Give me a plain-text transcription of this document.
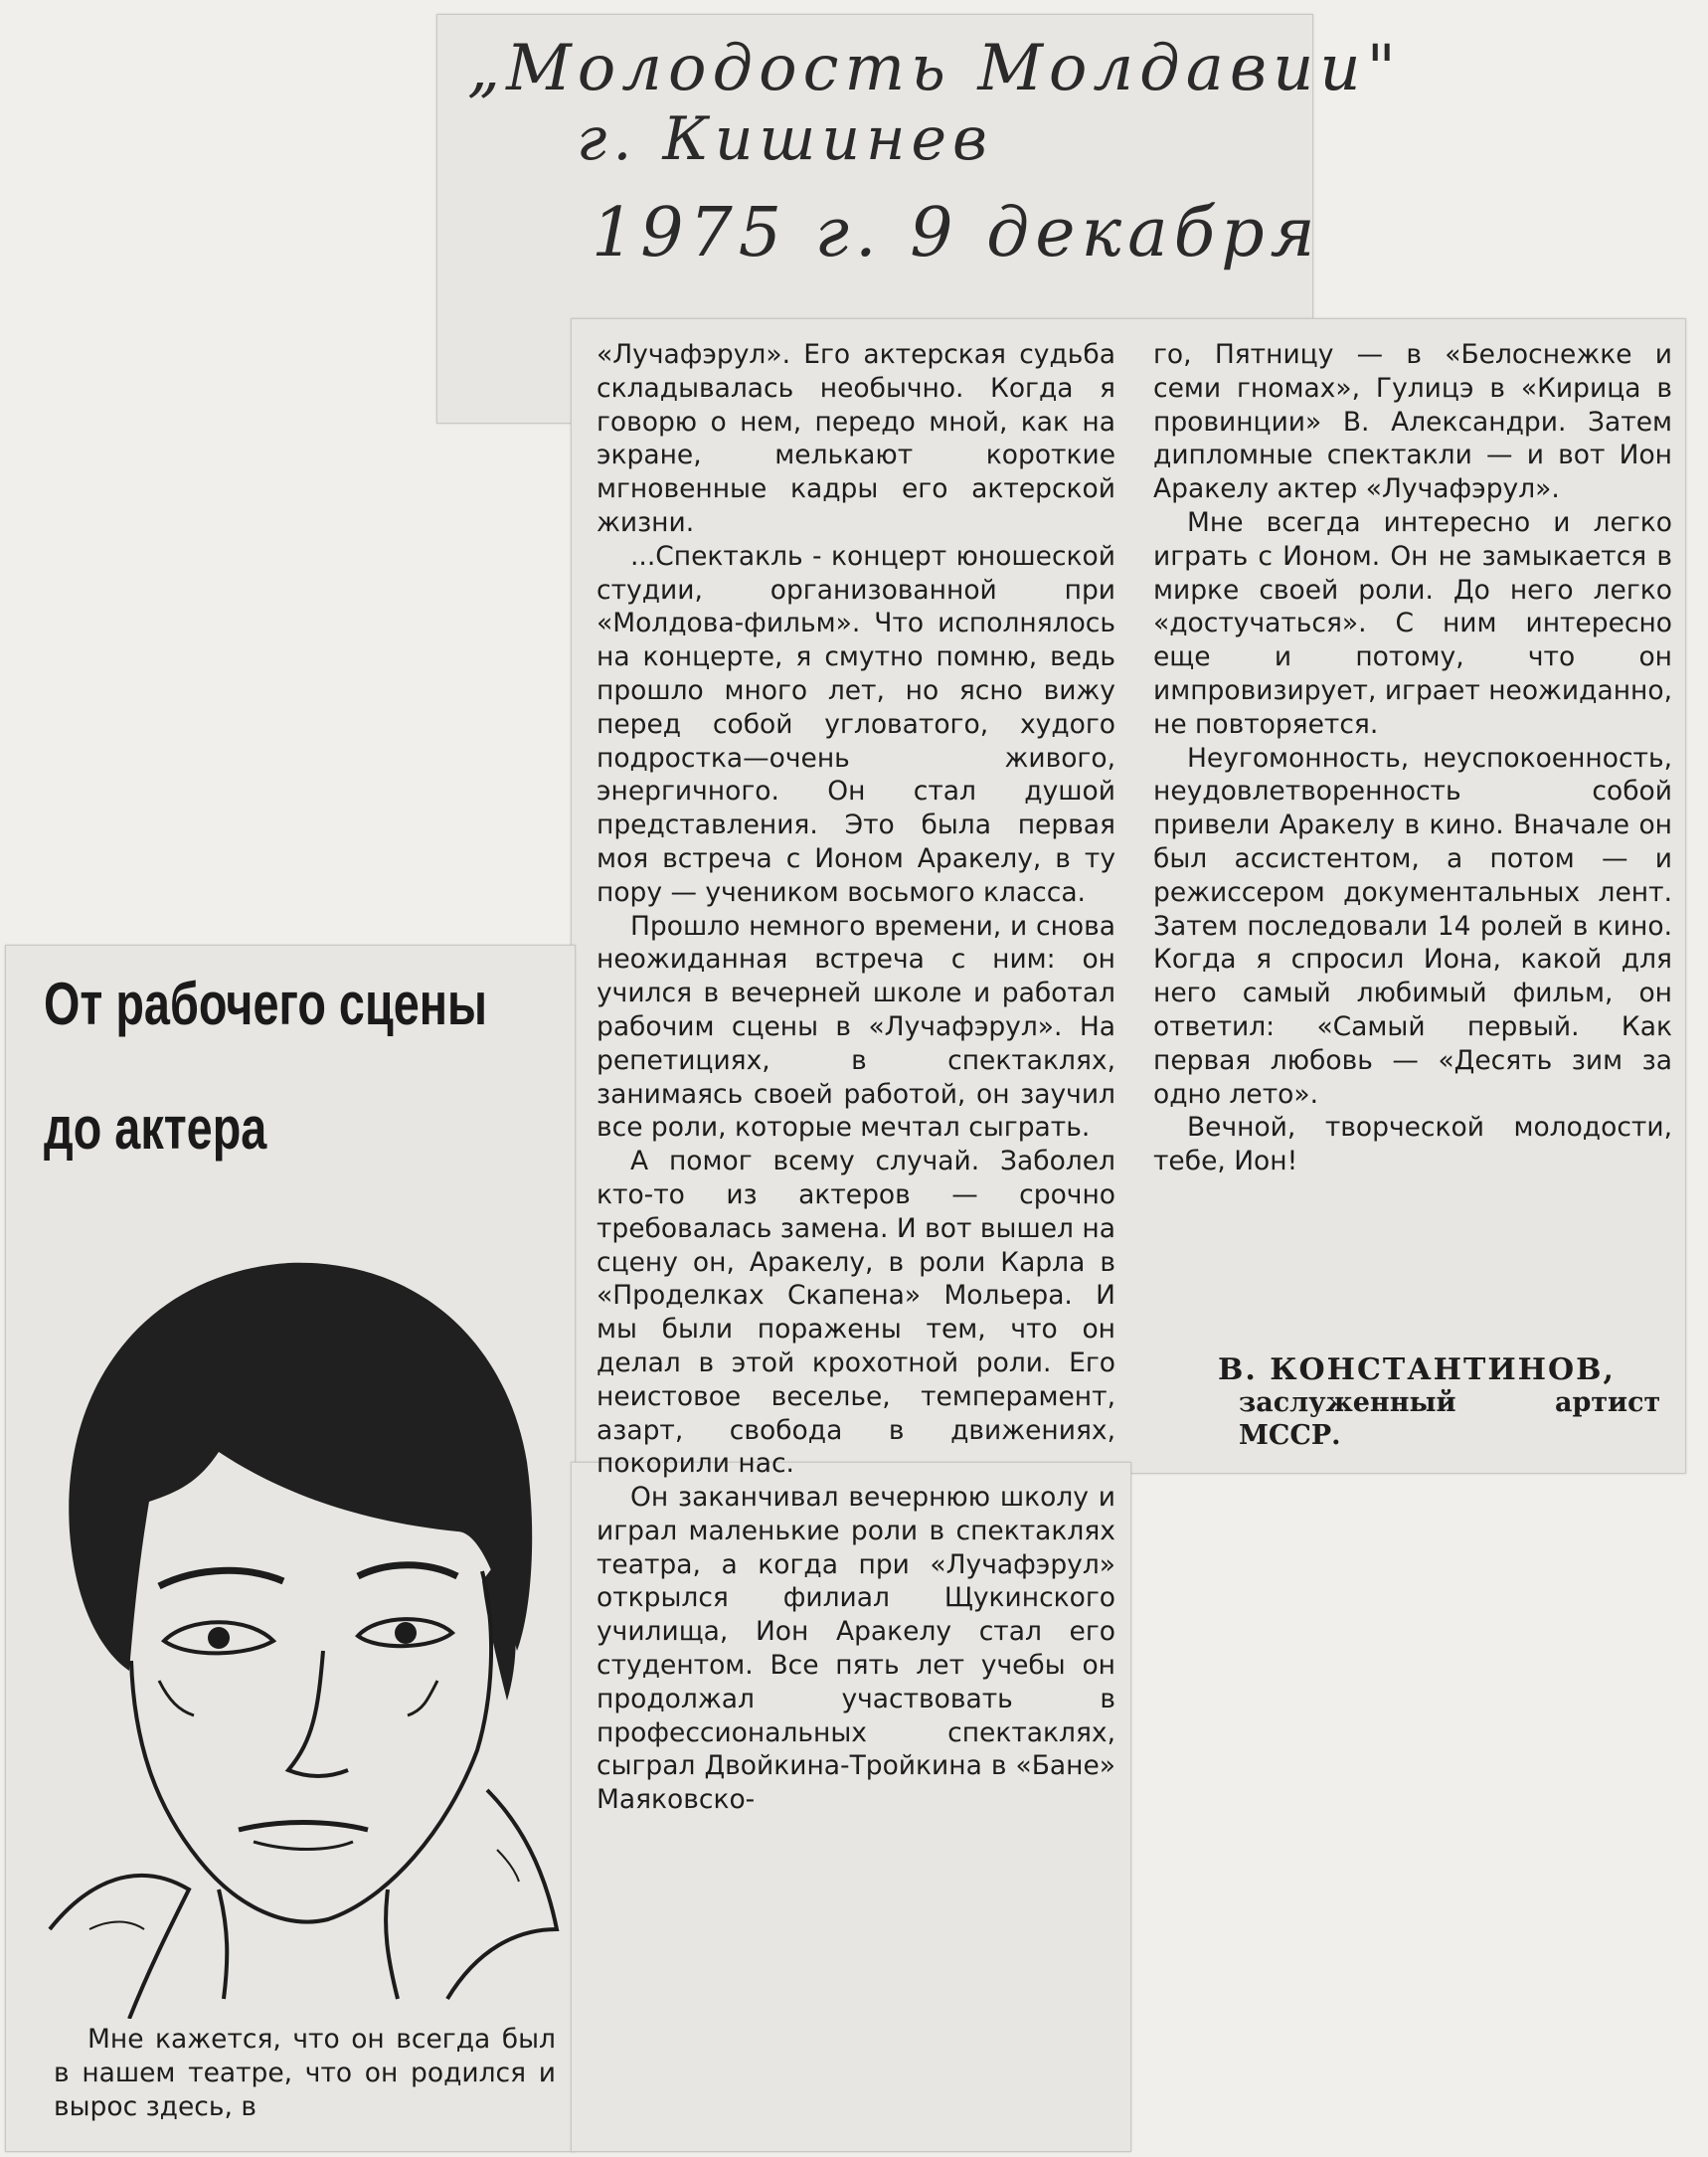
„Молодость Молдавии"
г. Кишинев
1975 г. 9 декабря
От рабочего сцены
до актера

Мне кажется, что он всегда был в нашем театре, что он родился и вырос здесь, в

«Лучафэрул». Его актерская судьба складывалась необычно. Когда я говорю о нем, передо мной, как на экране, мелькают короткие мгновенные кадры его актерской жизни.

...Спектакль - концерт юношеской студии, организованной при «Молдова-фильм». Что исполнялось на концерте, я смутно помню, ведь прошло много лет, но ясно вижу перед собой угловатого, худого подростка—очень живого, энергичного. Он стал душой представления. Это была первая моя встреча с Ионом Аракелу, в ту пору — учеником восьмого класса.

Прошло немного времени, и снова неожиданная встреча с ним: он учился в вечерней школе и работал рабочим сцены в «Лучафэрул». На репетициях, в спектаклях, занимаясь своей работой, он заучил все роли, которые мечтал сыграть.

А помог всему случай. Заболел кто-то из актеров — срочно требовалась замена. И вот вышел на сцену он, Аракелу, в роли Карла в «Проделках Скапена» Мольера. И мы были поражены тем, что он делал в этой крохотной роли. Его неистовое веселье, темперамент, азарт, свобода в движениях, покорили нас.

Он заканчивал вечернюю школу и играл маленькие роли в спектаклях театра, а когда при «Лучафэрул» открылся филиал Щукинского училища, Ион Аракелу стал его студентом. Все пять лет учебы он продолжал участвовать в профессиональных спектаклях, сыграл Двойкина-Тройкина в «Бане» Маяковско-

го, Пятницу — в «Белоснежке и семи гномах», Гулицэ в «Кирица в провинции» В. Александри. Затем дипломные спектакли — и вот Ион Аракелу актер «Лучафэрул».

Мне всегда интересно и легко играть с Ионом. Он не замыкается в мирке своей роли. До него легко «достучаться». С ним интересно еще и потому, что он импровизирует, играет неожиданно, не повторяется.

Неугомонность, неуспокоенность, неудовлетворенность собой привели Аракелу в кино. Вначале он был ассистентом, а потом — и режиссером документальных лент. Затем последовали 14 ролей в кино. Когда я спросил Иона, какой для него самый любимый фильм, он ответил: «Самый первый. Как первая любовь — «Десять зим за одно лето».

Вечной, творческой молодости, тебе, Ион!

В. КОНСТАНТИНОВ,
заслуженный артист
МССР.
